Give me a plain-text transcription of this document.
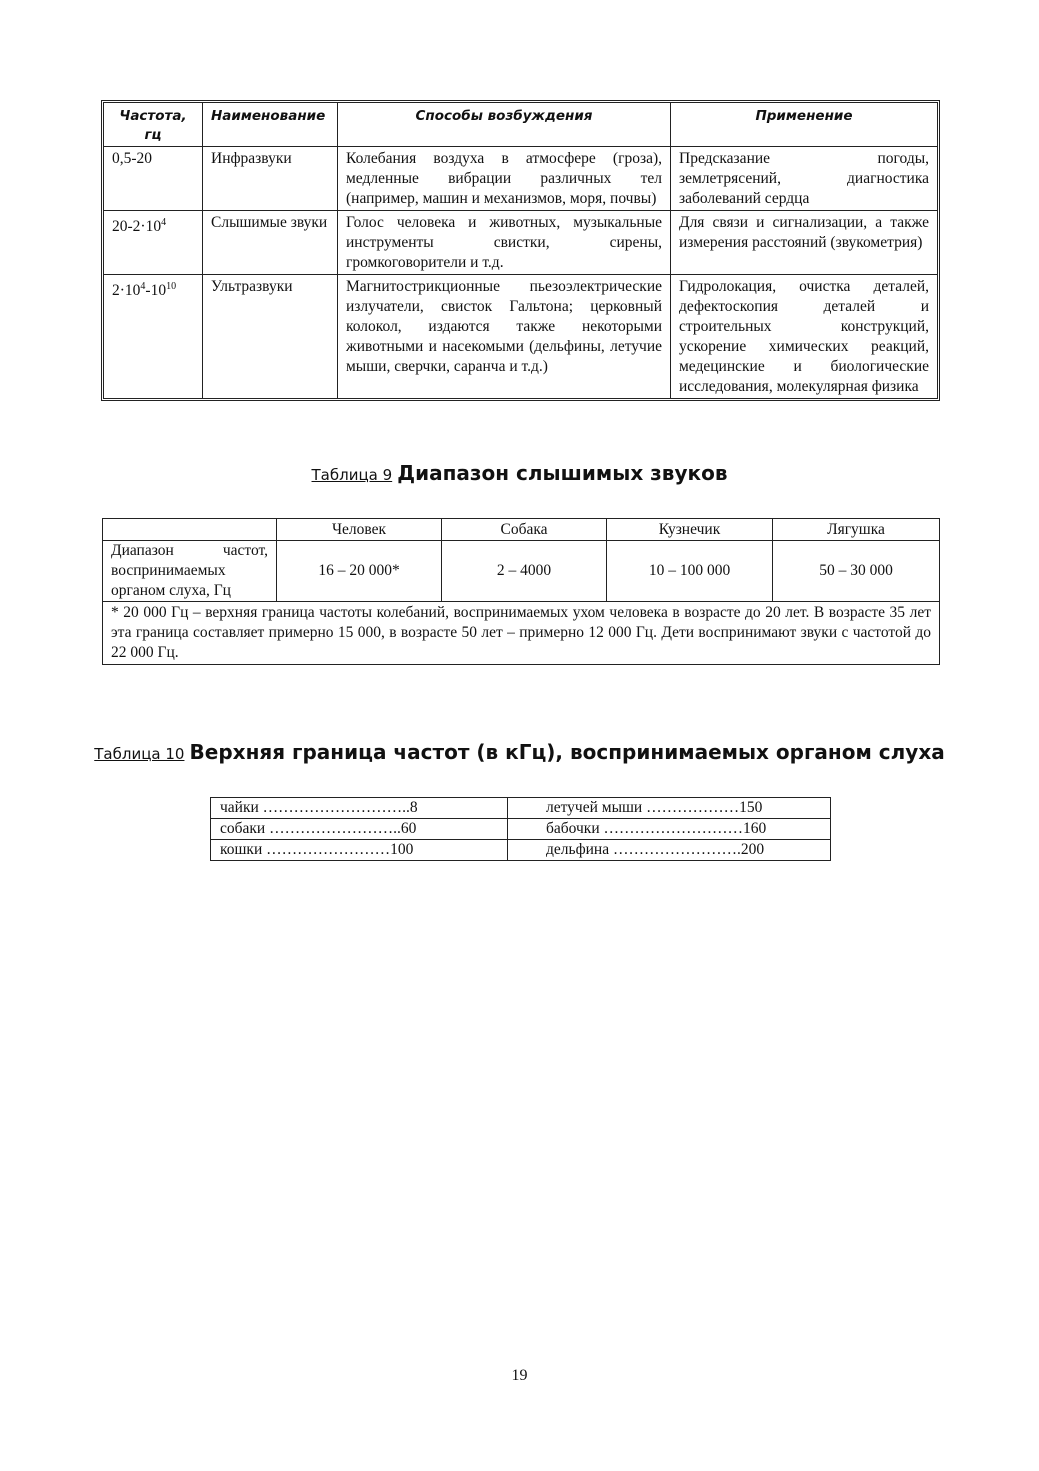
Частота, гц	Наименование	Способы возбуждения	Применение
0,5-20	Инфразвуки	Колебания воздуха в атмосфере (гроза), медленные вибрации различных тел (например, машин и механизмов, моря, почвы)	Предсказание погоды, землетрясений, диагностика заболеваний сердца
$20-2\cdot 10^4$	Слышимые звуки	Голос человека и животных, музыкальные инструменты свистки, сирены, громкоговорители и т.д.	Для связи и сигнализации, а также измерения расстояний (звукометрия)
$2\cdot 10^4-10^{10}$	Ультразвуки	Магнитострикционные пьезоэлектрические излучатели, свисток Гальтона; церковный колокол, издаются также некоторыми животными и насекомыми (дельфины, летучие мыши, сверчки, саранча и т.д.)	Гидролокация, очистка деталей, дефектоскопия деталей и строительных конструкций, ускорение химических реакций, медецинские и биологические исследования, молекулярная физика
Таблица 9 Диапазон слышимых звуков
	Человек	Собака	Кузнечик	Лягушка
Диапазон частот, воспринимаемых органом слуха, Гц	16 – 20 000*	2 – 4000	10 – 100 000	50 – 30 000
* 20 000 Гц – верхняя граница частоты колебаний, воспринимаемых ухом человека в возрасте до 20 лет. В возрасте 35 лет эта граница составляет примерно 15 000, в возрасте 50 лет – примерно 12 000 Гц. Дети воспринимают звуки с частотой до 22 000 Гц.				
Таблица 10 Верхняя граница частот (в кГц), воспринимаемых органом слуха
чайки ………………………..8	летучей мыши ………………150
собаки ……………………..60	бабочки ………………………160
кошки ……………………100	дельфина …………………….200
19
